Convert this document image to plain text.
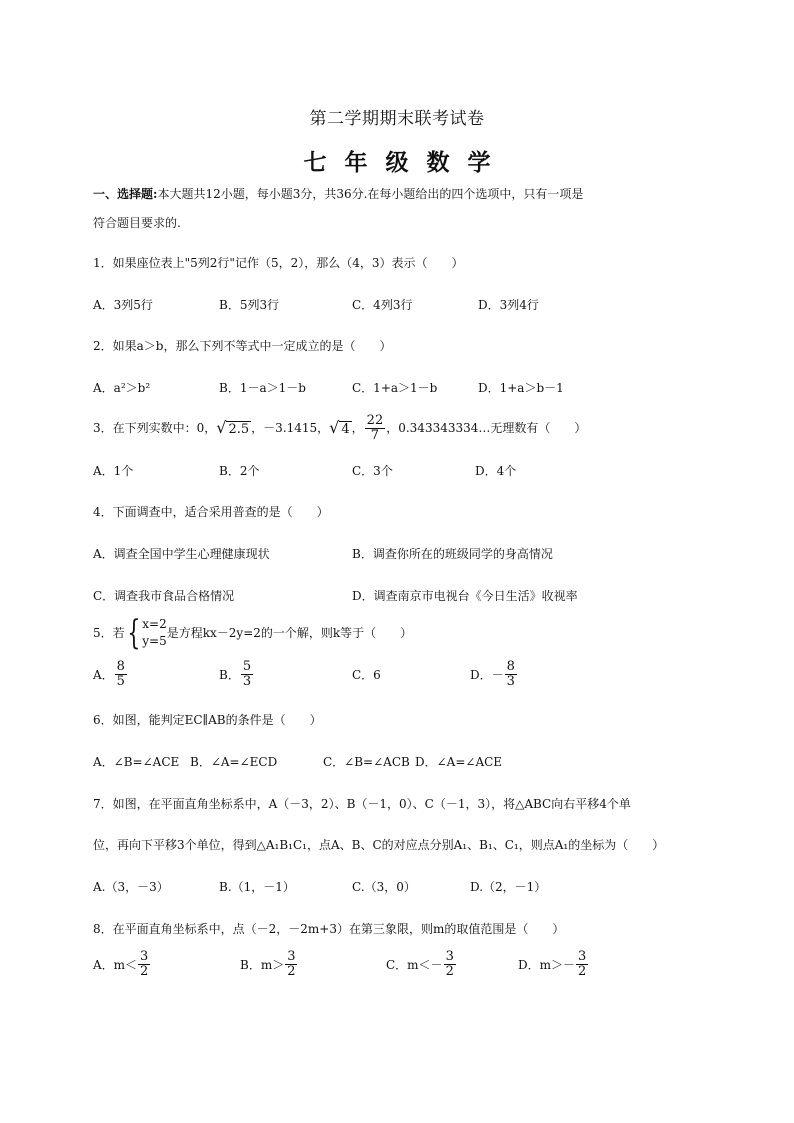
第二学期期末联考试卷
七年级数学
一、选择题:本大题共12小题，每小题3分，共36分.在每小题给出的四个选项中，只有一项是
符合题目要求的.
1．如果座位表上"5列2行"记作（5，2），那么（4，3）表示（　　）
A．3列5行	B．5列3行	C．4列3行	D．3列4行
2．如果a＞b，那么下列不等式中一定成立的是（　　）
A．a²＞b²	B．1－a＞1－b	C．1+a＞1－b	D．1+a＞b－1
3．在下列实数中：0， √ 2.5 ，－3.1415， √ 4 ， $\frac{22}{7}$ ，0.343343334…无理数有（　　）
A．1个	B．2个	C．3个	D．4个
4．下面调查中，适合采用普查的是（　　）
A．调查全国中学生心理健康现状	B．调查你所在的班级同学的身高情况
C．调查我市食品合格情况	D．调查南京市电视台《今日生活》收视率
5．若 { x=2
y=5
是方程kx－2y=2的一个解，则k等于（　　）
A． $\frac{8}{5}$	B． $\frac{5}{3}$	C．6	D．－ $\frac{8}{3}$
6．如图，能判定EC∥AB的条件是（　　）
A．∠B=∠ACE B．∠A=∠ECD	C．∠B=∠ACB D．∠A=∠ACE
7．如图，在平面直角坐标系中，A（－3，2）、B（－1，0）、C（－1，3），将△ABC向右平移4个单
位，再向下平移3个单位，得到△A₁B₁C₁，点A、B、C的对应点分别A₁、B₁、C₁，则点A₁的坐标为（　　）
A.（3，－3）	B.（1，－1）	C.（3，0）	D.（2，－1）
8．在平面直角坐标系中，点（－2，－2m+3）在第三象限，则m的取值范围是（　　）
A．$m< \frac{3}{2}$	B．$m> \frac{3}{2}$	C．$m<- \frac{3}{2}$	D．$m>- \frac{3}{2}$
